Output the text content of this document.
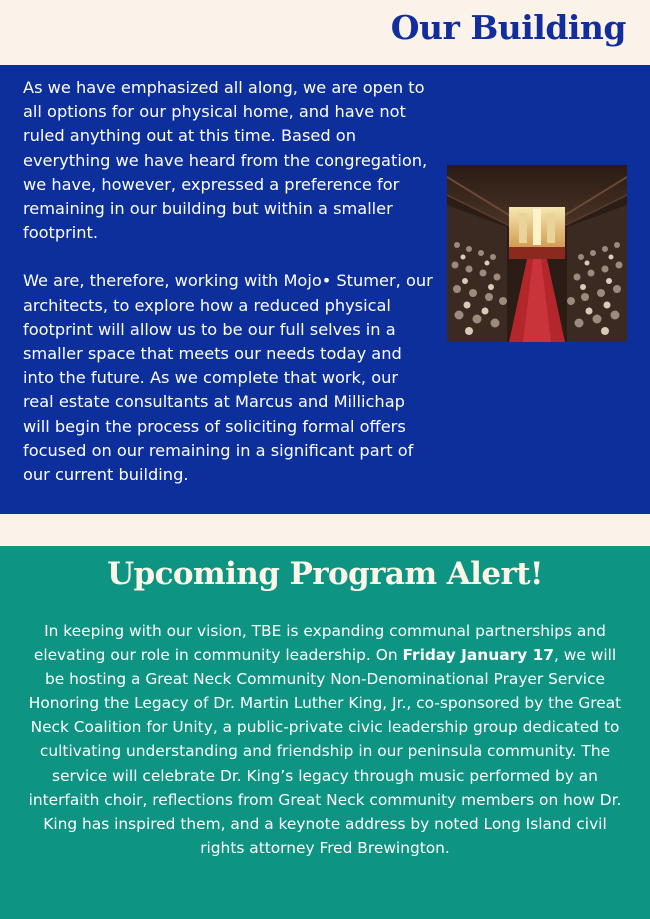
Our Building

As we have emphasized all along, we are open to all options for our physical home, and have not ruled anything out at this time. Based on everything we have heard from the congregation, we have, however, expressed a preference for remaining in our building but within a smaller footprint.

We are, therefore, working with Mojo• Stumer, our architects, to explore how a reduced physical footprint will allow us to be our full selves in a smaller space that meets our needs today and into the future. As we complete that work, our real estate consultants at Marcus and Millichap will begin the process of soliciting formal offers focused on our remaining in a significant part of our current building.

Upcoming Program Alert!

In keeping with our vision, TBE is expanding communal partnerships and elevating our role in community leadership. On Friday January 17, we will be hosting a Great Neck Community Non-Denominational Prayer Service Honoring the Legacy of Dr. Martin Luther King, Jr., co-sponsored by the Great Neck Coalition for Unity, a public-private civic leadership group dedicated to cultivating understanding and friendship in our peninsula community. The service will celebrate Dr. King’s legacy through music performed by an interfaith choir, reflections from Great Neck community members on how Dr. King has inspired them, and a keynote address by noted Long Island civil rights attorney Fred Brewington.
